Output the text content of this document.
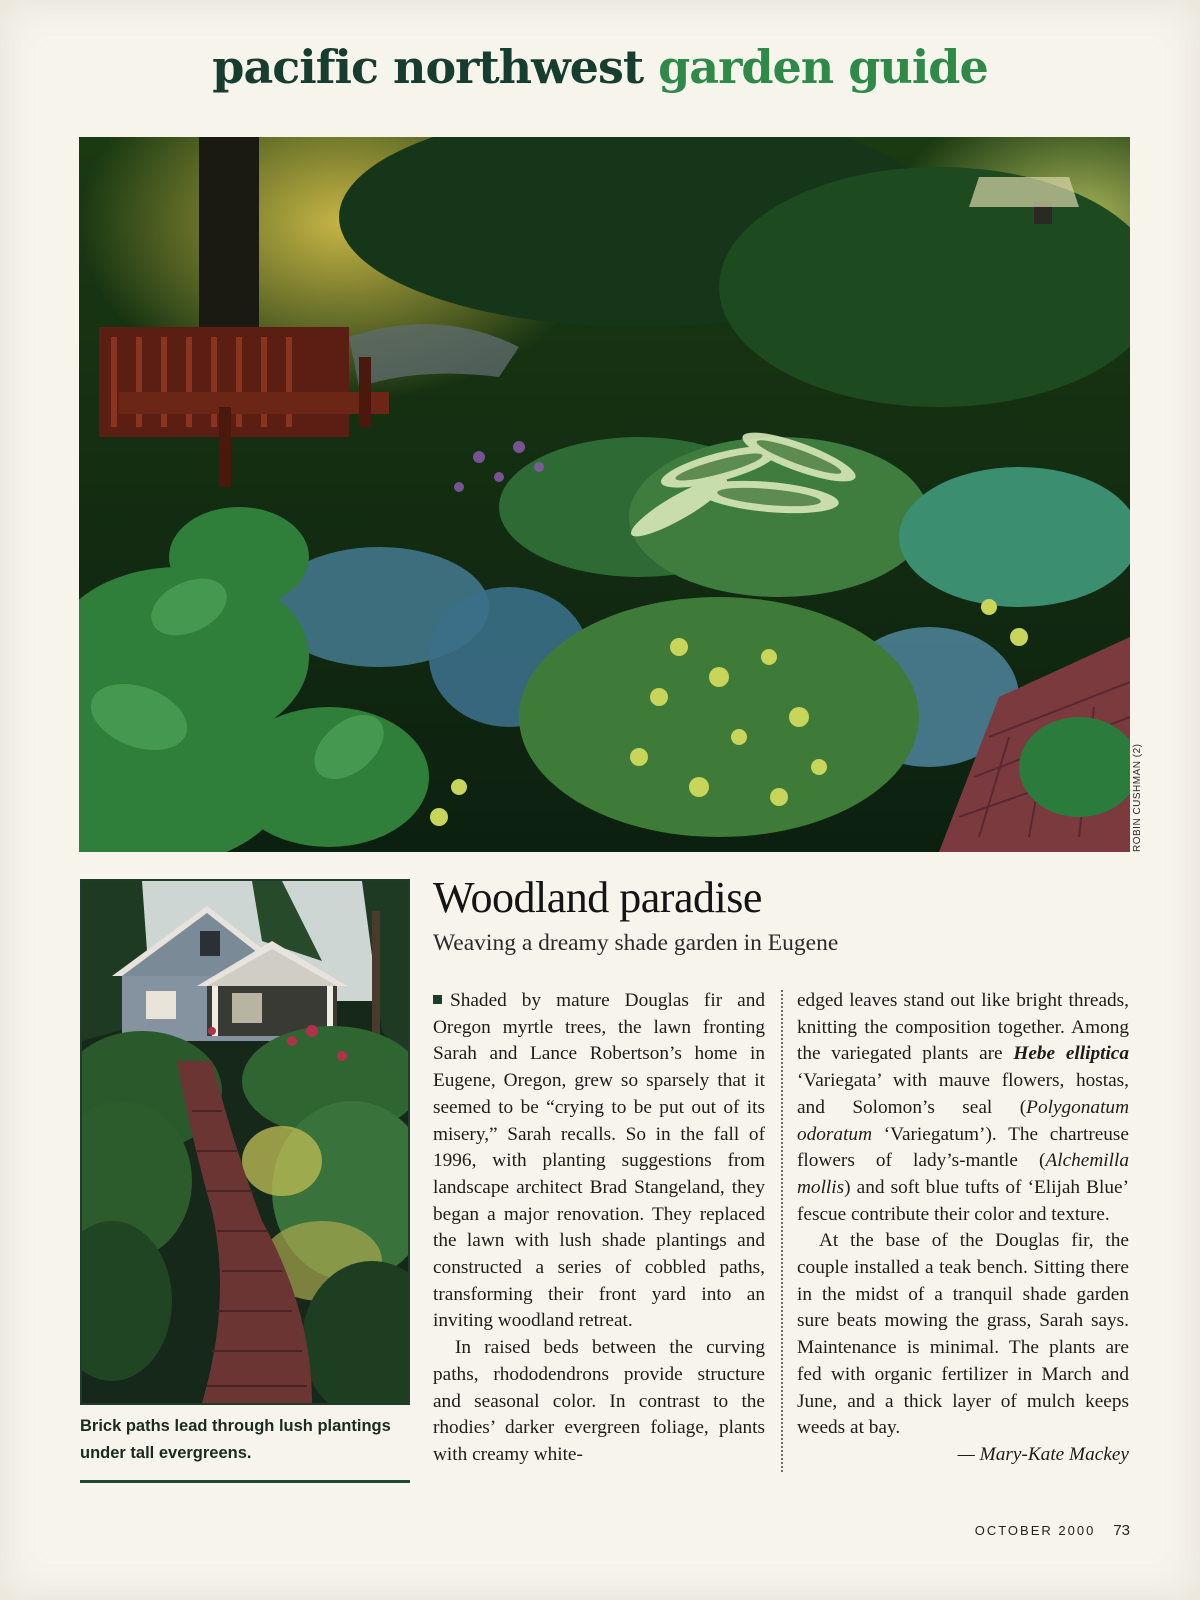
pacific northwest garden guide
ROBIN CUSHMAN (2)
Brick paths lead through lush plantings under tall evergreens.
Woodland paradise
Weaving a dreamy shade garden in Eugene

Shaded by mature Douglas fir and Oregon myrtle trees, the lawn fronting Sarah and Lance Robertson’s home in Eugene, Oregon, grew so sparsely that it seemed to be “crying to be put out of its misery,” Sarah recalls. So in the fall of 1996, with planting suggestions from landscape architect Brad Stangeland, they began a major renovation. They replaced the lawn with lush shade plantings and constructed a series of cobbled paths, transforming their front yard into an inviting woodland retreat.

In raised beds between the curving paths, rhododendrons provide structure and seasonal color. In contrast to the rhodies’ darker evergreen foliage, plants with creamy white-

edged leaves stand out like bright threads, knitting the composition together. Among the variegated plants are Hebe elliptica ‘Variegata’ with mauve flowers, hostas, and Solomon’s seal (Polygonatum odoratum ‘Variegatum’). The chartreuse flowers of lady’s-mantle (Alchemilla mollis) and soft blue tufts of ‘Elijah Blue’ fescue contribute their color and texture.

At the base of the Douglas fir, the couple installed a teak bench. Sitting there in the midst of a tranquil shade garden sure beats mowing the grass, Sarah says. Maintenance is minimal. The plants are fed with organic fertilizer in March and June, and a thick layer of mulch keeps weeds at bay.

— Mary-Kate Mackey

OCTOBER 2000 73
